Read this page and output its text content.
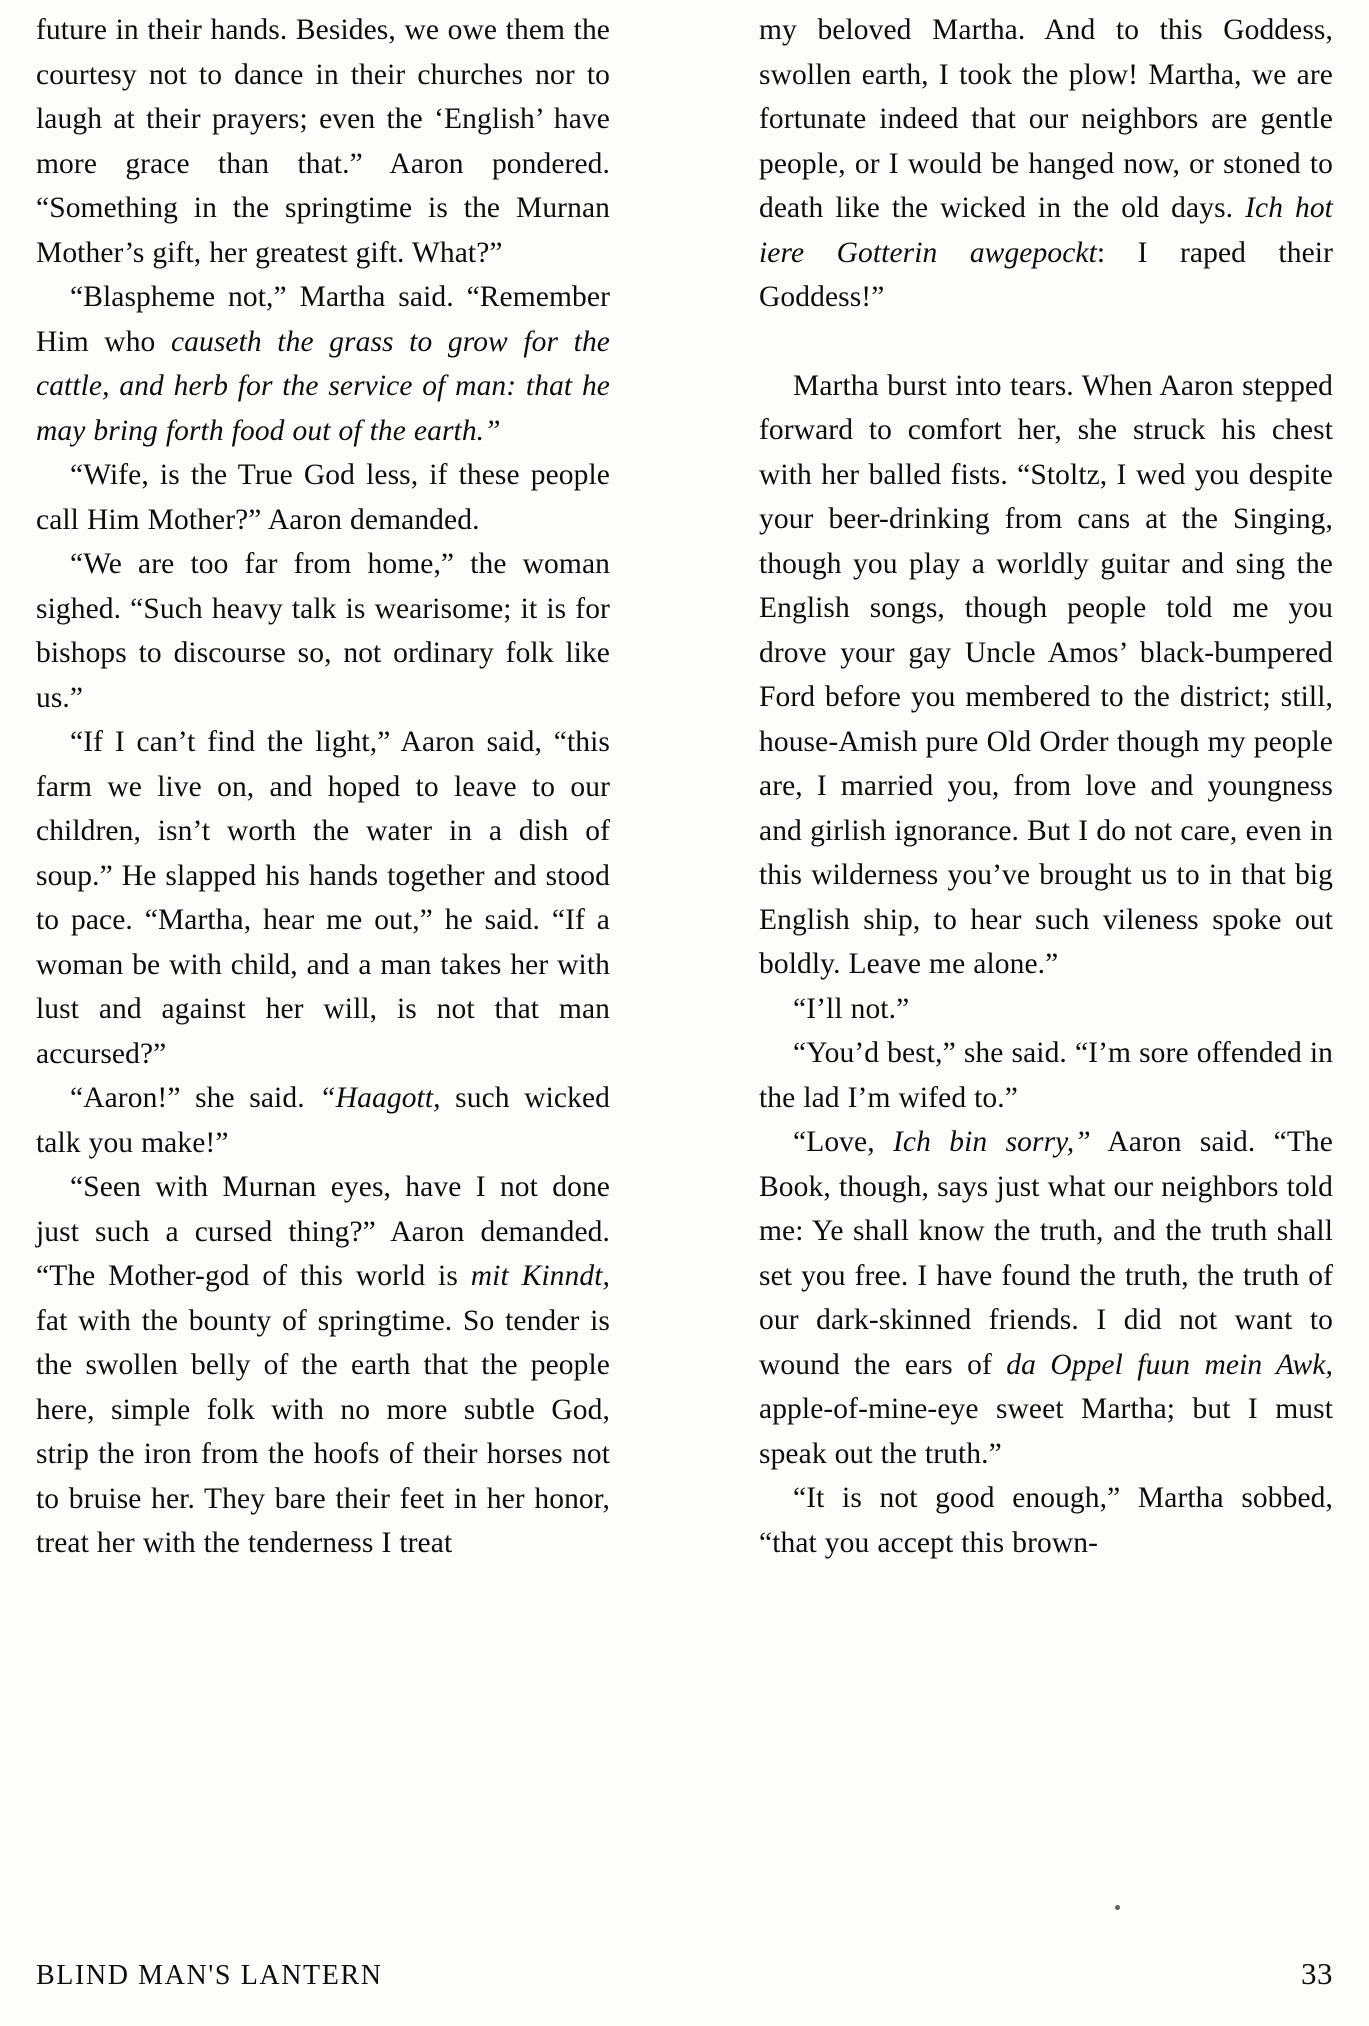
future in their hands. Besides, we owe them the courtesy not to dance in their churches nor to laugh at their prayers; even the ‘English’ have more grace than that.” Aaron pondered. “Something in the springtime is the Murnan Mother’s gift, her greatest gift. What?”

“Blaspheme not,” Martha said. “Remember Him who causeth the grass to grow for the cattle, and herb for the service of man: that he may bring forth food out of the earth.”

“Wife, is the True God less, if these people call Him Mother?” Aaron demanded.

“We are too far from home,” the woman sighed. “Such heavy talk is wearisome; it is for bishops to discourse so, not ordinary folk like us.”

“If I can’t find the light,” Aaron said, “this farm we live on, and hoped to leave to our children, isn’t worth the water in a dish of soup.” He slapped his hands together and stood to pace. “Martha, hear me out,” he said. “If a woman be with child, and a man takes her with lust and against her will, is not that man accursed?”

“Aaron!” she said. “Haagott, such wicked talk you make!”

“Seen with Murnan eyes, have I not done just such a cursed thing?” Aaron demanded. “The Mother-god of this world is mit Kinndt, fat with the bounty of springtime. So tender is the swollen belly of the earth that the people here, simple folk with no more subtle God, strip the iron from the hoofs of their horses not to bruise her. They bare their feet in her honor, treat her with the tenderness I treat

my beloved Martha. And to this Goddess, swollen earth, I took the plow! Martha, we are fortunate indeed that our neighbors are gentle people, or I would be hanged now, or stoned to death like the wicked in the old days. Ich hot iere Gotterin awgepockt: I raped their Goddess!”

Martha burst into tears. When Aaron stepped forward to comfort her, she struck his chest with her balled fists. “Stoltz, I wed you despite your beer-drinking from cans at the Singing, though you play a worldly guitar and sing the English songs, though people told me you drove your gay Uncle Amos’ black-bumpered Ford before you membered to the district; still, house-Amish pure Old Order though my people are, I married you, from love and youngness and girlish ignorance. But I do not care, even in this wilderness you’ve brought us to in that big English ship, to hear such vileness spoke out boldly. Leave me alone.”

“I’ll not.”

“You’d best,” she said. “I’m sore offended in the lad I’m wifed to.”

“Love, Ich bin sorry,” Aaron said. “The Book, though, says just what our neighbors told me: Ye shall know the truth, and the truth shall set you free. I have found the truth, the truth of our dark-skinned friends. I did not want to wound the ears of da Oppel fuun mein Awk, apple-of-mine-eye sweet Martha; but I must speak out the truth.”

“It is not good enough,” Martha sobbed, “that you accept this brown-

BLIND MAN'S LANTERN	33
